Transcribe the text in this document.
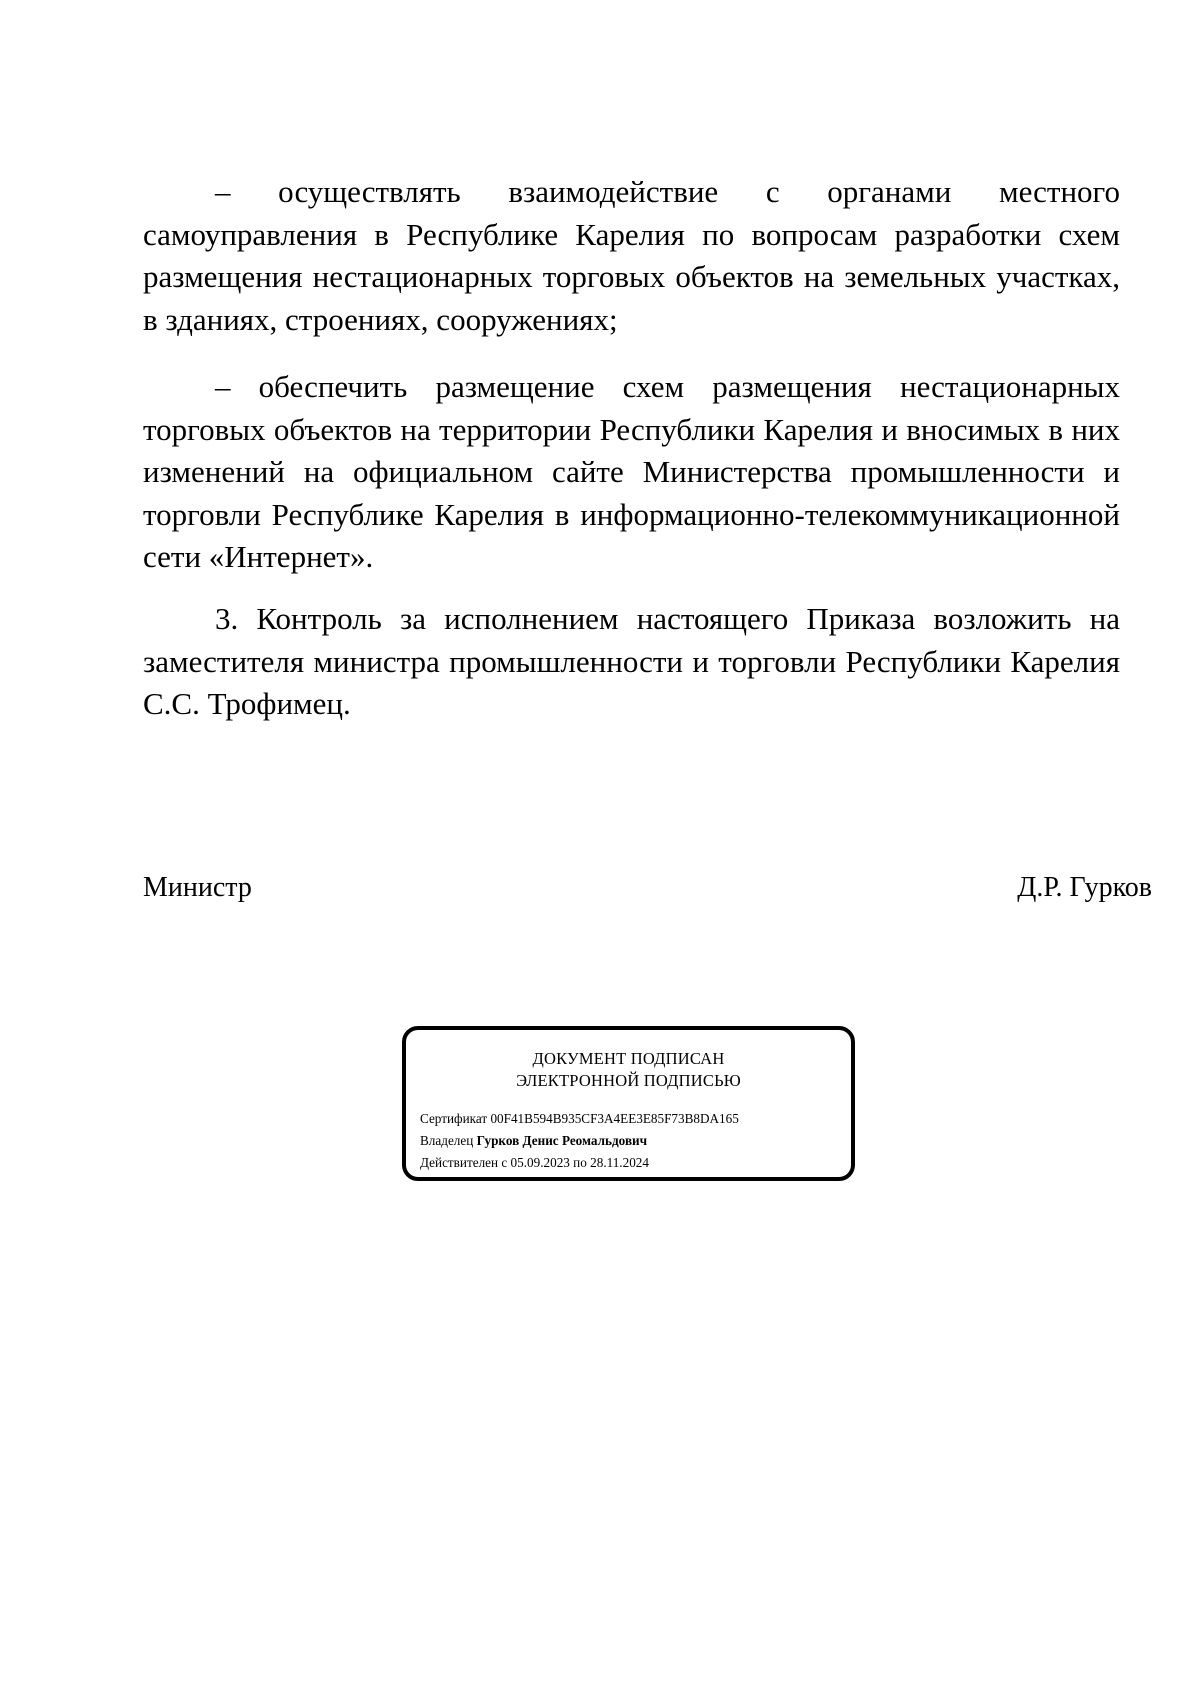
– осуществлять взаимодействие с органами местного самоуправления в Республике Карелия по вопросам разработки схем размещения нестационарных торговых объектов на земельных участках, в зданиях, строениях, сооружениях;

– обеспечить размещение схем размещения нестационарных торговых объектов на территории Республики Карелия и вносимых в них изменений на официальном сайте Министерства промышленности и торговли Республике Карелия в информационно-телекоммуникационной сети «Интернет».

3. Контроль за исполнением настоящего Приказа возложить на заместителя министра промышленности и торговли Республики Карелия С.С. Трофимец.

Министр	Д.Р. Гурков
ДОКУМЕНТ ПОДПИСАН
ЭЛЕКТРОННОЙ ПОДПИСЬЮ
Сертификат 00F41B594B935CF3A4EE3E85F73B8DA165
Владелец Гурков Денис Реомальдович
Действителен с 05.09.2023 по 28.11.2024
